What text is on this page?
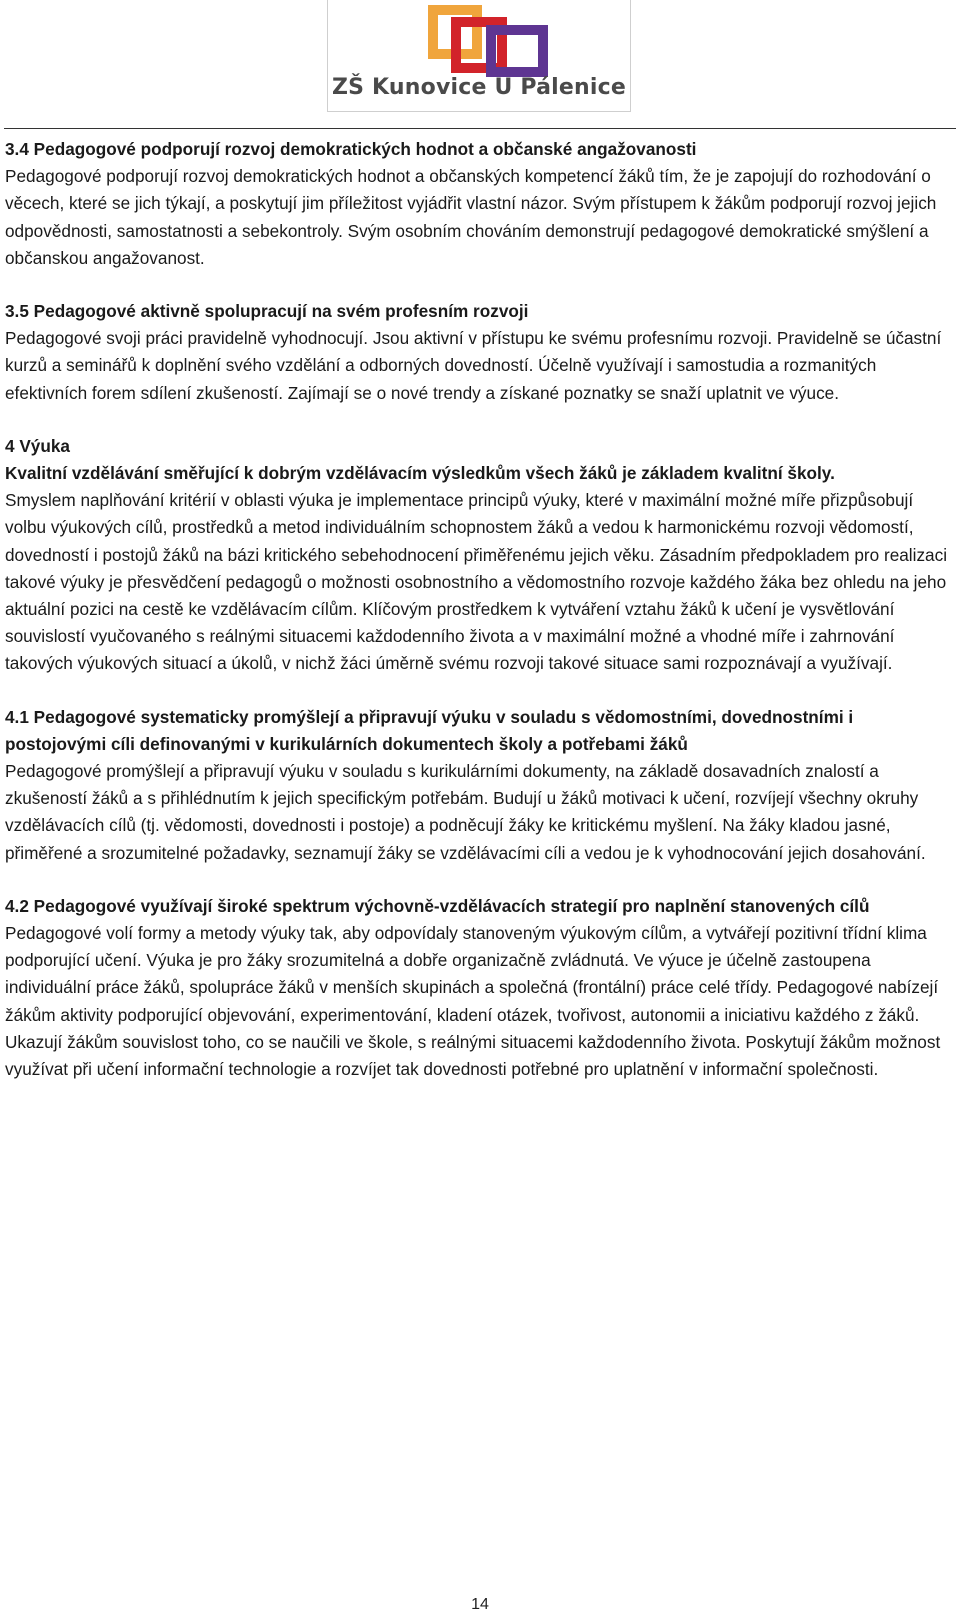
ZŠ Kunovice U Pálenice

3.4 Pedagogové podporují rozvoj demokratických hodnot a občanské angažovanosti

Pedagogové podporují rozvoj demokratických hodnot a občanských kompetencí žáků tím, že je zapojují do rozhodování o věcech, které se jich týkají, a poskytují jim příležitost vyjádřit vlastní názor. Svým přístupem k žákům podporují rozvoj jejich odpovědnosti, samostatnosti a sebekontroly. Svým osobním chováním demonstrují pedagogové demokratické smýšlení a občanskou angažovanost.

3.5 Pedagogové aktivně spolupracují na svém profesním rozvoji

Pedagogové svoji práci pravidelně vyhodnocují. Jsou aktivní v přístupu ke svému profesnímu rozvoji. Pravidelně se účastní kurzů a seminářů k doplnění svého vzdělání a odborných dovedností. Účelně využívají i samostudia a rozmanitých efektivních forem sdílení zkušeností. Zajímají se o nové trendy a získané poznatky se snaží uplatnit ve výuce.

4 Výuka

Kvalitní vzdělávání směřující k dobrým vzdělávacím výsledkům všech žáků je základem kvalitní školy.

Smyslem naplňování kritérií v oblasti výuka je implementace principů výuky, které v maximální možné míře přizpůsobují volbu výukových cílů, prostředků a metod individuálním schopnostem žáků a vedou k harmonickému rozvoji vědomostí, dovedností i postojů žáků na bázi kritického sebehodnocení přiměřenému jejich věku. Zásadním předpokladem pro realizaci takové výuky je přesvědčení pedagogů o možnosti osobnostního a vědomostního rozvoje každého žáka bez ohledu na jeho aktuální pozici na cestě ke vzdělávacím cílům. Klíčovým prostředkem k vytváření vztahu žáků k učení je vysvětlování souvislostí vyučovaného s reálnými situacemi každodenního života a v maximální možné a vhodné míře i zahrnování takových výukových situací a úkolů, v nichž žáci úměrně svému rozvoji takové situace sami rozpoznávají a využívají.

4.1 Pedagogové systematicky promýšlejí a připravují výuku v souladu s vědomostními, dovednostními i postojovými cíli definovanými v kurikulárních dokumentech školy a potřebami žáků

Pedagogové promýšlejí a připravují výuku v souladu s kurikulárními dokumenty, na základě dosavadních znalostí a zkušeností žáků a s přihlédnutím k jejich specifickým potřebám. Budují u žáků motivaci k učení, rozvíjejí všechny okruhy vzdělávacích cílů (tj. vědomosti, dovednosti i postoje) a podněcují žáky ke kritickému myšlení. Na žáky kladou jasné, přiměřené a srozumitelné požadavky, seznamují žáky se vzdělávacími cíli a vedou je k vyhodnocování jejich dosahování.

4.2 Pedagogové využívají široké spektrum výchovně-vzdělávacích strategií pro naplnění stanovených cílů

Pedagogové volí formy a metody výuky tak, aby odpovídaly stanoveným výukovým cílům, a vytvářejí pozitivní třídní klima podporující učení. Výuka je pro žáky srozumitelná a dobře organizačně zvládnutá. Ve výuce je účelně zastoupena individuální práce žáků, spolupráce žáků v menších skupinách a společná (frontální) práce celé třídy. Pedagogové nabízejí žákům aktivity podporující objevování, experimentování, kladení otázek, tvořivost, autonomii a iniciativu každého z žáků. Ukazují žákům souvislost toho, co se naučili ve škole, s reálnými situacemi každodenního života. Poskytují žákům možnost využívat při učení informační technologie a rozvíjet tak dovednosti potřebné pro uplatnění v informační společnosti.

14
